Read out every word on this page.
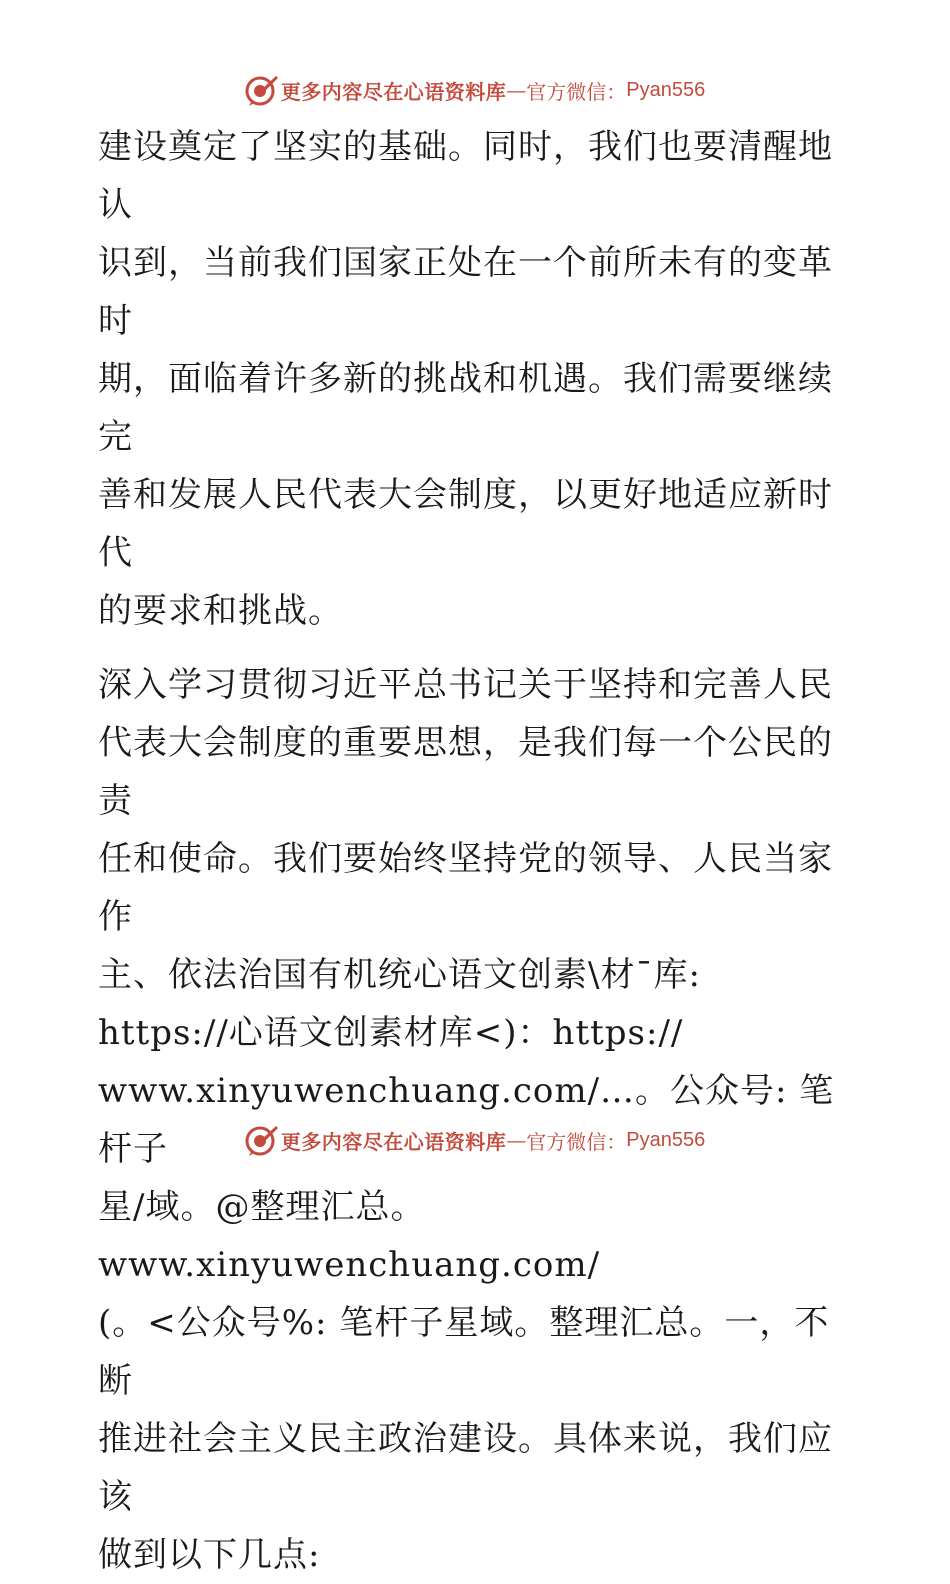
更多内容尽在心语资料库 — 官方微信： Pyan556

建设奠定了坚实的基础。同时，我们也要清醒地认
识到，当前我们国家正处在一个前所未有的变革时
期，面临着许多新的挑战和机遇。我们需要继续完
善和发展人民代表大会制度，以更好地适应新时代
的要求和挑战。

深入学习贯彻习近平总书记关于坚持和完善人民
代表大会制度的重要思想，是我们每一个公民的责
任和使命。我们要始终坚持党的领导、人民当家作
主、依法治国有机统心语文创素\材¯库:
https://心语文创素材库<)：https://
www.xinyuwenchuang.com/…。公众号: 笔杆子
星/域。@整理汇总。www.xinyuwenchuang.com/
(。<公众号%: 笔杆子星域。整理汇总。一，不断
推进社会主义民主政治建设。具体来说，我们应该
做到以下几点:

更多内容尽在心语资料库 — 官方微信： Pyan556
